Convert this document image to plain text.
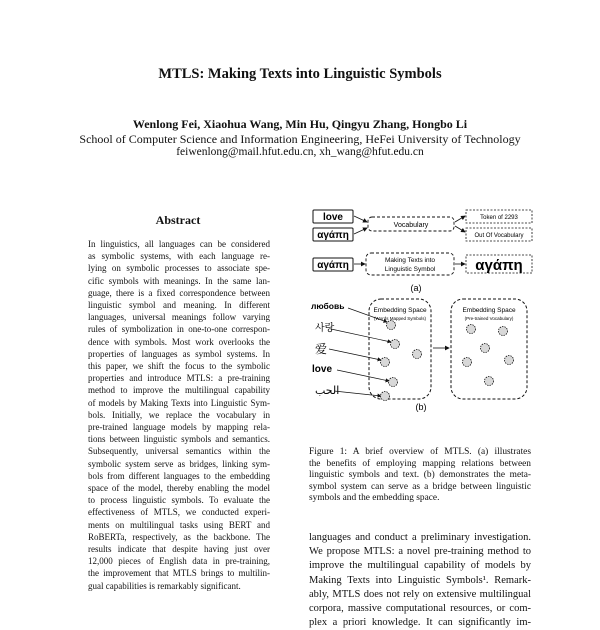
MTLS: Making Texts into Linguistic Symbols
Wenlong Fei, Xiaohua Wang, Min Hu, Qingyu Zhang, Hongbo Li
School of Computer Science and Information Engineering, HeFei University of Technology
feiwenlong@mail.hfut.edu.cn, xh_wang@hfut.edu.cn
Abstract
In linguistics, all languages can be considered
as symbolic systems, with each language re-
lying on symbolic processes to associate spe-
cific symbols with meanings. In the same lan-
guage, there is a fixed correspondence between
linguistic symbol and meaning. In different
languages, universal meanings follow varying
rules of symbolization in one-to-one correspon-
dence with symbols. Most work overlooks the
properties of languages as symbol systems. In
this paper, we shift the focus to the symbolic
properties and introduce MTLS: a pre-training
method to improve the multilingual capability
of models by Making Texts into Linguistic Sym-
bols. Initially, we replace the vocabulary in
pre-trained language models by mapping rela-
tions between linguistic symbols and semantics.
Subsequently, universal semantics within the
symbolic system serve as bridges, linking sym-
bols from different languages to the embedding
space of the model, thereby enabling the model
to process linguistic symbols. To evaluate the
effectiveness of MTLS, we conducted experi-
ments on multilingual tasks using BERT and
RoBERTa, respectively, as the backbone. The
results indicate that despite having just over
12,000 pieces of English data in pre-training,
the improvement that MTLS brings to multilin-
gual capabilities is remarkably significant.
love
αγάπη
αγάπη
Vocabulary
Token of 2293
Out Of Vocabulary
Making Texts into
Linguistic Symbol	αγάπη
(a)
любовь
사랑
爱
love
الحب
Embedding Space
(Words Mapped Symbols)
Embedding Space
(Pre-trained Vocabulary)
(b)
Figure 1: A brief overview of MTLS. (a) illustrates
the benefits of employing mapping relations between
linguistic symbols and text. (b) demonstrates the meta-
symbol system can serve as a bridge between linguistic
symbols and the embedding space.
languages and conduct a preliminary investigation.
We propose MTLS: a novel pre-training method to
improve the multilingual capability of models by
Making Texts into Linguistic Symbols¹. Remark-
ably, MTLS does not rely on extensive multilingual
corpora, massive computational resources, or com-
plex a priori knowledge. It can significantly im-
